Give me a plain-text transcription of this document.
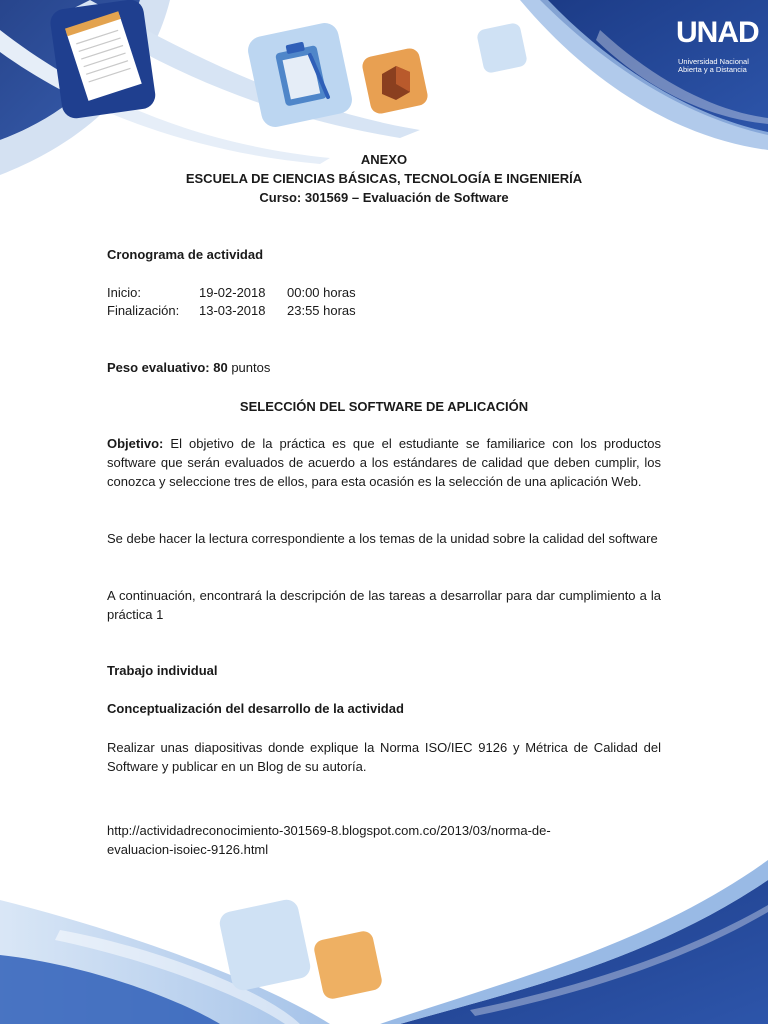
UNAD
Universidad Nacional
Abierta y a Distancia
ANEXO
ESCUELA DE CIENCIAS BÁSICAS, TECNOLOGÍA E INGENIERÍA
Curso: 301569 – Evaluación de Software
Cronograma de actividad
Inicio:	19-02-2018 00:00 horas
Finalización: 13-03-2018 23:55 horas
Peso evaluativo: 80 puntos
SELECCIÓN DEL SOFTWARE DE APLICACIÓN
Objetivo: El objetivo de la práctica es que el estudiante se familiarice con los productos software que serán evaluados de acuerdo a los estándares de calidad que deben cumplir, los conozca y seleccione tres de ellos, para esta ocasión es la selección de una aplicación Web.
Se debe hacer la lectura correspondiente a los temas de la unidad sobre la calidad del software
A continuación, encontrará la descripción de las tareas a desarrollar para dar cumplimiento a la práctica 1
Trabajo individual
Conceptualización del desarrollo de la actividad
Realizar unas diapositivas donde explique la Norma ISO/IEC 9126 y Métrica de Calidad del Software y publicar en un Blog de su autoría.
http://actividadreconocimiento-301569-8.blogspot.com.co/2013/03/norma-de-
evaluacion-isoiec-9126.html
